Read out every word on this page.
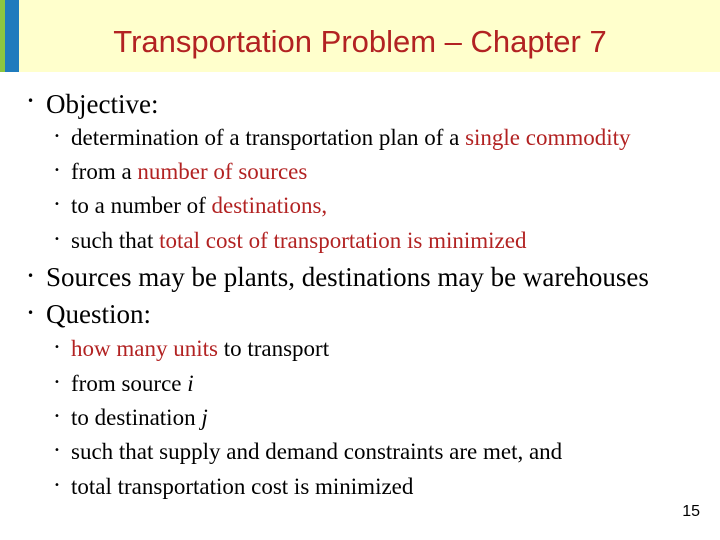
Transportation Problem – Chapter 7
• Objective:
• determination of a transportation plan of a single commodity
• from a number of sources
• to a number of destinations,
• such that total cost of transportation is minimized
• Sources may be plants, destinations may be warehouses
• Question:
• how many units to transport
• from source i
• to destination j
• such that supply and demand constraints are met, and
• total transportation cost is minimized
15
